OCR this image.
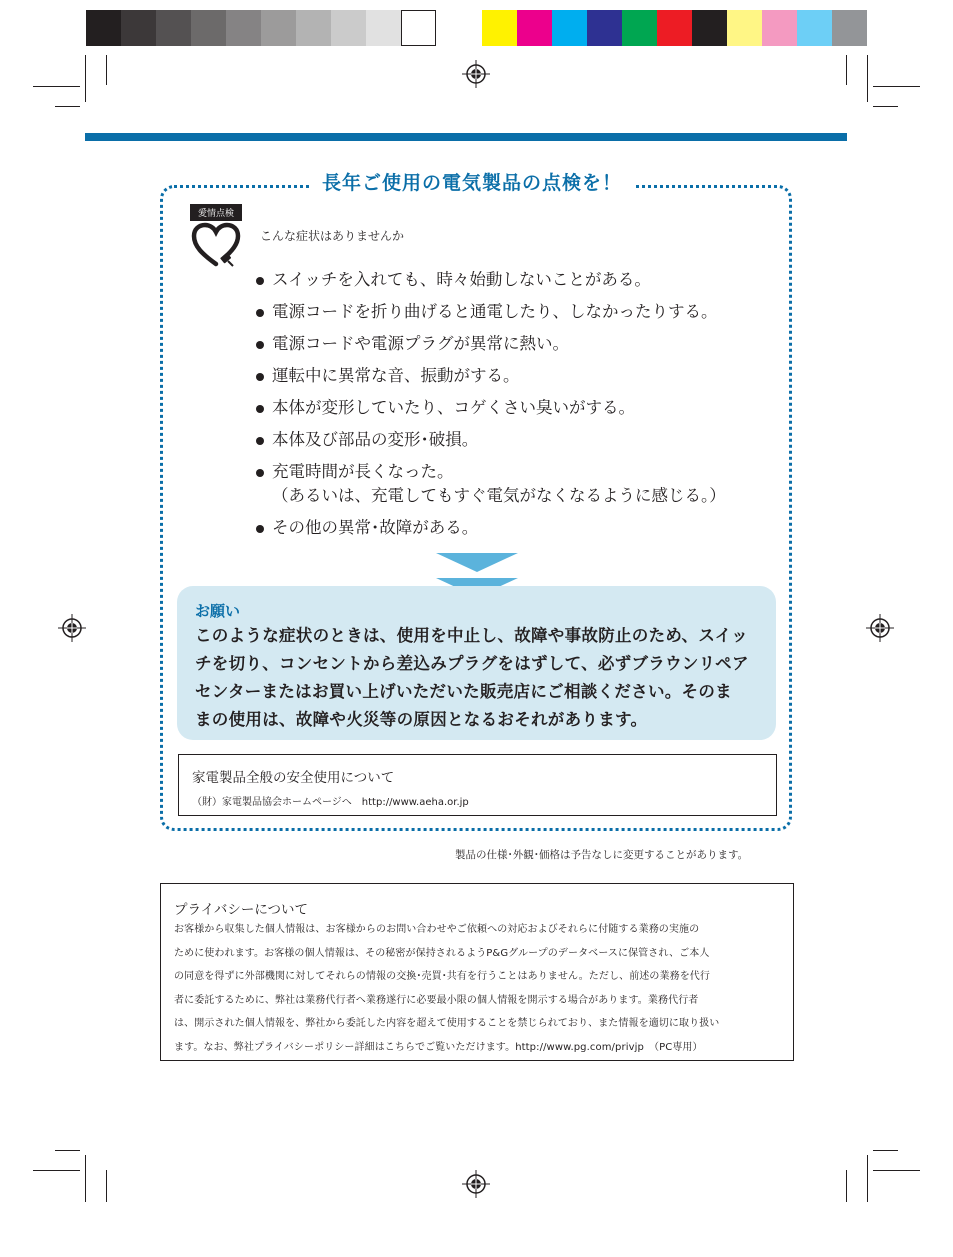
長年ご使用の電気製品の点検を！
愛情点検
こんな症状はありませんか
スイッチを入れても、時々始動しないことがある。
電源コードを折り曲げると通電したり、しなかったりする。
電源コードや電源プラグが異常に熱い。
運転中に異常な音、振動がする。
本体が変形していたり、コゲくさい臭いがする。
本体及び部品の変形･破損。
充電時間が長くなった。
（あるいは、充電してもすぐ電気がなくなるように感じる。）
その他の異常･故障がある。
お願い
このような症状のときは、使用を中止し、故障や事故防止のため、スイッ
チを切り、コンセントから差込みプラグをはずして、必ずブラウンリペア
センターまたはお買い上げいただいた販売店にご相談ください。そのま
まの使用は、故障や火災等の原因となるおそれがあります。
家電製品全般の安全使用について
（財）家電製品協会ホームページへ　http://www.aeha.or.jp
製品の仕様･外観･価格は予告なしに変更することがあります。
プライバシーについて
お客様から収集した個人情報は、お客様からのお問い合わせやご依頼への対応およびそれらに付随する業務の実施の
ために使われます。お客様の個人情報は、その秘密が保持されるようP&Gグループのデータベースに保管され、ご本人
の同意を得ずに外部機関に対してそれらの情報の交換･売買･共有を行うことはありません。ただし、前述の業務を代行
者に委託するために、弊社は業務代行者へ業務遂行に必要最小限の個人情報を開示する場合があります。業務代行者
は、開示された個人情報を、弊社から委託した内容を超えて使用することを禁じられており、また情報を適切に取り扱い
ます。なお、弊社プライバシーポリシー詳細はこちらでご覧いただけます。http://www.pg.com/privjp　（PC専用）
